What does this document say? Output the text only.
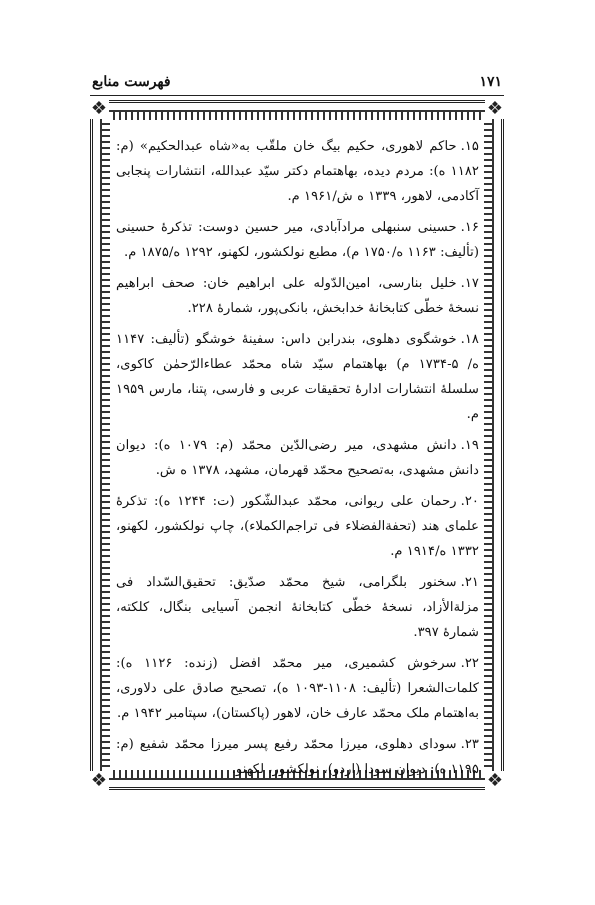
۱۷۱
فهرست منابع
❖	❖
❖	❖

۱۵.حاکم لاهوری، حکیم بیگ خان ملقّب به«شاه عبدالحکیم» (م: ۱۱۸۲ ه): مردم دیده، بهاهتمام دکتر سیّد عبدالله، انتشارات پنجابی آکادمی، لاهور، ۱۳۳۹ ه ش/۱۹۶۱ م.

۱۶.حسینی سنبهلی مرادآبادی، میر حسین دوست: تذکرهٔ حسینی (تألیف: ۱۱۶۳ ه/۱۷۵۰ م)، مطبع نولکشور، لکهنو، ۱۲۹۲ ه/۱۸۷۵ م.

۱۷.خلیل بنارسی، امین‌الدّوله علی ابراهیم خان: صحف ابراهیم نسخهٔ خطّی کتابخانهٔ خدابخش، بانکی‌پور، شمارهٔ ۲۲۸.

۱۸.خوشگوی دهلوی، بندرابن داس: سفینهٔ خوشگو (تألیف: ۱۱۴۷ ه/ ۵-۱۷۳۴ م) بهاهتمام سیّد شاه محمّد عطاءالرّحمٰن کاکوی، سلسلهٔ انتشارات ادارهٔ تحقیقات عربی و فارسی، پتنا، مارس ۱۹۵۹ م.

۱۹.دانش مشهدی، میر رضی‌الدّین محمّد (م: ۱۰۷۹ ه): دیوان دانش مشهدی، به‌تصحیح محمّد قهرمان، مشهد، ۱۳۷۸ ه ش.

۲۰.رحمان علی ریوانی، محمّد عبدالشّکور (ت: ۱۲۴۴ ه): تذکرهٔ علمای هند (تحفة‌الفضلاء فی تراجم‌الکملاء)، چاپ نولکشور، لکهنو، ۱۳۳۲ ه/۱۹۱۴ م.

۲۱.سخنور بلگرامی، شیخ محمّد صدّیق: تحقیق‌السّداد فی مزلة‌الأزاد، نسخهٔ خطّی کتابخانهٔ انجمن آسیایی بنگال، کلکته، شمارهٔ ۳۹۷.

۲۲.سرخوش کشمیری، میر محمّد افضل (زنده: ۱۱۲۶ ه): کلمات‌الشعرا (تألیف: ۱۱۰۸-۱۰۹۳ ه)، تصحیح صادق علی دلاوری، به‌اهتمام ملک محمّد عارف خان، لاهور (پاکستان)، سپتامبر ۱۹۴۲ م.

۲۳.سودای دهلوی، میرزا محمّد رفیع پسر میرزا محمّد شفیع (م: ۱۱۹۵ ه): دیوان سودا (اردو)، نولکشور، لکهنو.
